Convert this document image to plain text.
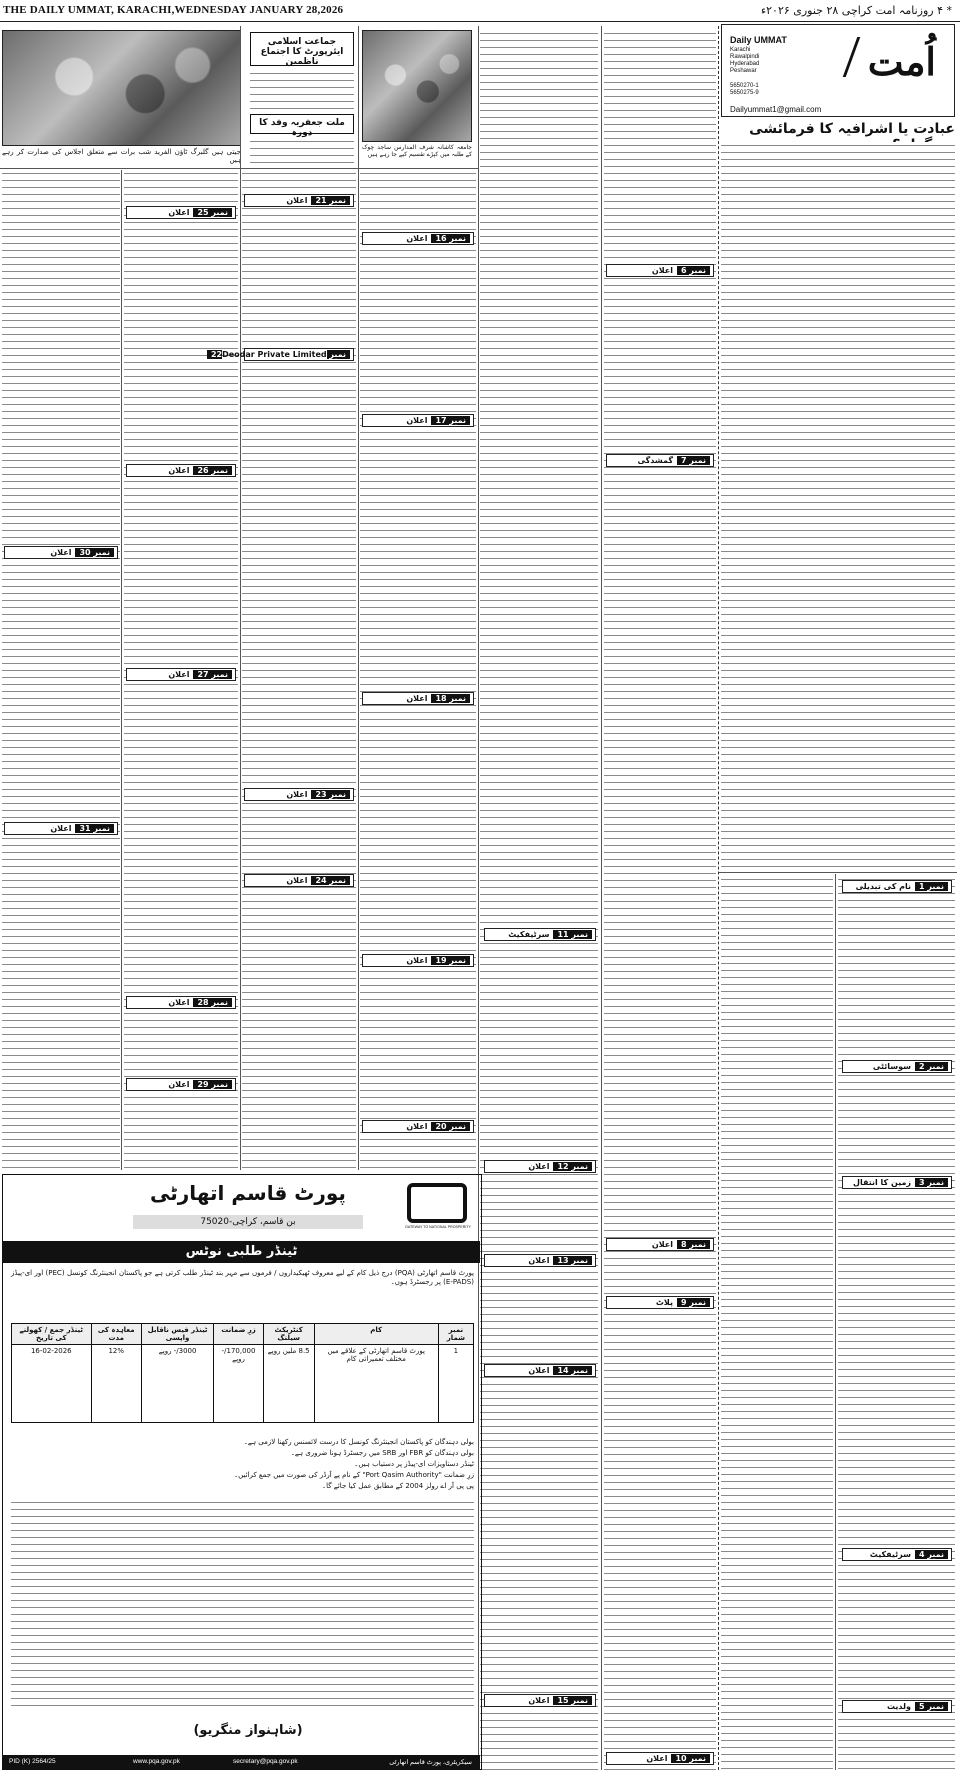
THE DAILY UMMAT, KARACHI,WEDNESDAY JANUARY 28,2026	* ۴ روزنامہ امت کراچی ۲۸ جنوری ۲۰۲۶ء
اُمت
Daily UMMAT
Karachi
Rawalpindi
Hyderabad
Peshawar
5650270-1
5650275-9
Dailyummat1@gmail.com
عبادت یا اشرافیہ کا فرمائشی
جیتی ہیں گلبرگ ٹاؤن الفرید شب برات سے متعلق اجلاس کی صدارت کر رہے ہیں
جماعت اسلامی ایئرپورٹ کا اجتماع ناظمین
ملت جعفریہ وفد کا دورہ
جامعہ کاشانہ شرف المدارس ساجد چوک کے طلبہ میں کپڑے تقسیم کیے جا رہے ہیں
نمبر 1نام کی تبدیلی
نمبر 2سوسائٹی
نمبر 3زمین کا انتقال
نمبر 4سرٹیفکیٹ
نمبر 5ولدیت
نمبر 6اعلان
نمبر 7گمشدگی
نمبر 8اعلان
نمبر 9پلاٹ
نمبر 10اعلان
نمبر 11سرٹیفکیٹ
نمبر 12اعلان
نمبر 13اعلان
نمبر 14اعلان
نمبر 15اعلان
نمبر 16اعلان
نمبر 17اعلان
نمبر 18اعلان
نمبر 19اعلان
نمبر 20اعلان
نمبر 21اعلان
نمبر 22Deodar Private Limited
نمبر 23اعلان
نمبر 24اعلان
نمبر 25اعلان
نمبر 26اعلان
نمبر 27اعلان
نمبر 28اعلان
نمبر 29اعلان
نمبر 30اعلان
نمبر 31اعلان
پورٹ قاسم اتھارٹی
بن قاسم، کراچی-75020	GATEWAY TO NATIONAL PROSPERITY
ٹینڈر طلبی نوٹس
پورٹ قاسم اتھارٹی (PQA) درج ذیل کام کے لیے معروف ٹھیکیداروں / فرموں سے مہر بند ٹینڈر طلب کرتی ہے جو پاکستان انجینئرنگ کونسل (PEC) اور ای-پیڈز (E-PADS) پر رجسٹرڈ ہوں۔
نمبر شمار	کام	کنٹریکٹ سیلنگ	زرِ ضمانت	ٹینڈر فیس ناقابل واپسی	معاہدہ کی مدت	ٹینڈر جمع / کھولنے کی تاریخ
1	پورٹ قاسم اتھارٹی کے علاقے میں مختلف تعمیراتی کام	8.5 ملین روپے	170,000/- روپے	3000/- روپے	12%	16-02-2026
بولی دہندگان کو پاکستان انجینئرنگ کونسل کا درست لائسنس رکھنا لازمی ہے۔
بولی دہندگان کو FBR اور SRB میں رجسٹرڈ ہونا ضروری ہے۔
ٹینڈر دستاویزات ای-پیڈز پر دستیاب ہیں۔
زرِ ضمانت "Port Qasim Authority" کے نام پے آرڈر کی صورت میں جمع کرائیں۔
پی پی آر اے رولز 2004 کے مطابق عمل کیا جائے گا۔
(شاہنواز منگریو)
PID (K) 2564/25	www.pqa.gov.pk	secretary@pqa.gov.pk	سیکریٹری، پورٹ قاسم اتھارٹی
